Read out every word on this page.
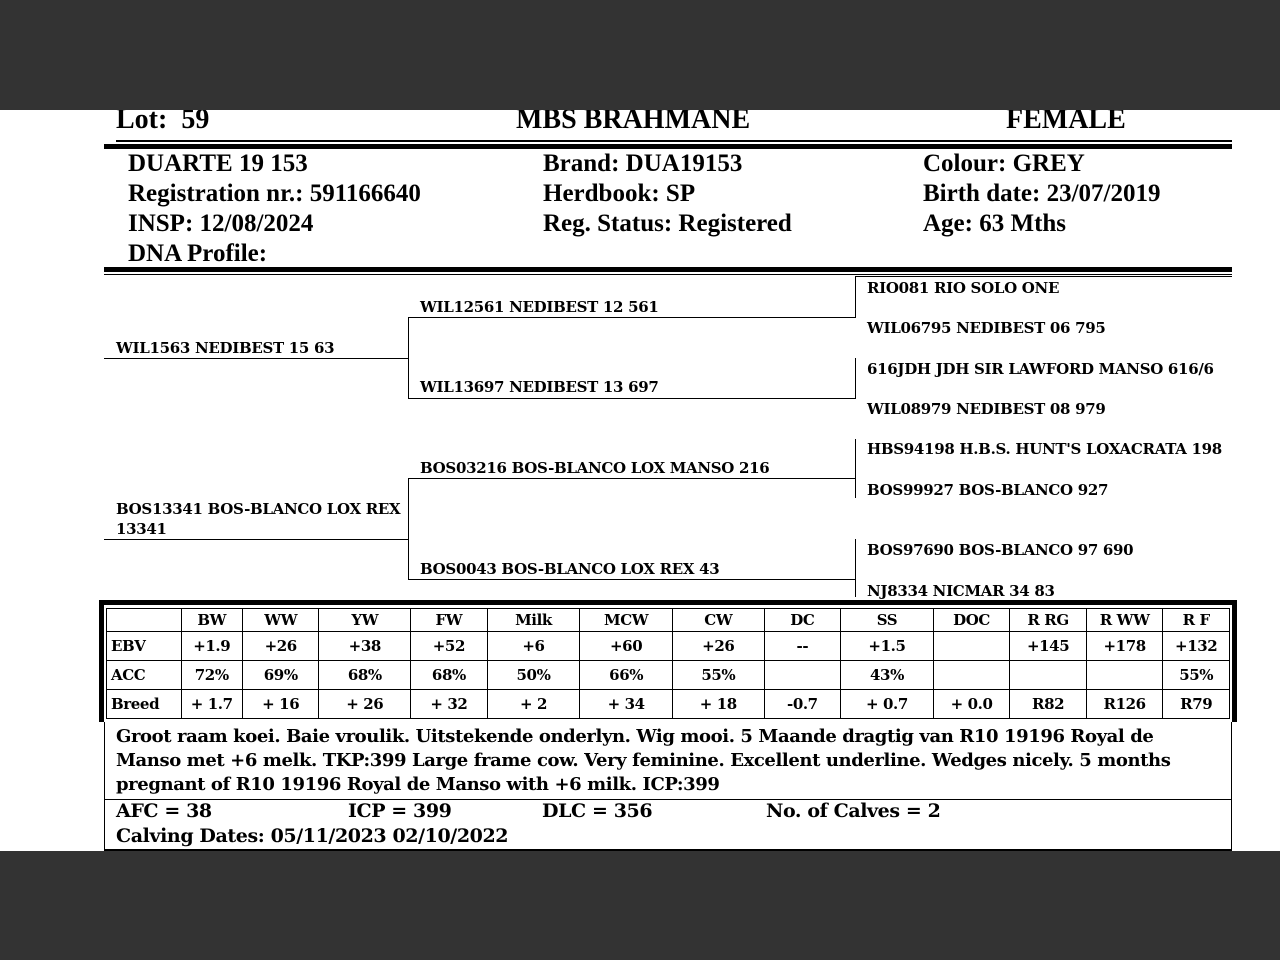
Lot: 59	MBS BRAHMANE	FEMALE
DUARTE 19 153
Registration nr.: 591166640
INSP: 12/08/2024
DNA Profile:
Brand: DUA19153
Herdbook: SP
Reg. Status: Registered
Colour: GREY
Birth date: 23/07/2019
Age: 63 Mths
WIL1563 NEDIBEST 15 63
BOS13341 BOS-BLANCO LOX REX 13341
WIL12561 NEDIBEST 12 561
WIL13697 NEDIBEST 13 697
BOS03216 BOS-BLANCO LOX MANSO 216
BOS0043 BOS-BLANCO LOX REX 43
RIO081 RIO SOLO ONE
WIL06795 NEDIBEST 06 795
616JDH JDH SIR LAWFORD MANSO 616/6
WIL08979 NEDIBEST 08 979
HBS94198 H.B.S. HUNT'S LOXACRATA 198
BOS99927 BOS-BLANCO 927
BOS97690 BOS-BLANCO 97 690
NJ8334 NICMAR 34 83
	BW	WW	YW	FW	Milk	MCW	CW	DC	SS	DOC	R RG	R WW	R F
EBV	+1.9	+26	+38	+52	+6	+60	+26	--	+1.5		+145	+178	+132
ACC	72%	69%	68%	68%	50%	66%	55%		43%				55%
Breed	+ 1.7	+ 16	+ 26	+ 32	+ 2	+ 34	+ 18	-0.7	+ 0.7	+ 0.0	R82	R126	R79
Groot raam koei. Baie vroulik. Uitstekende onderlyn. Wig mooi. 5 Maande dragtig van R10 19196 Royal de Manso met +6 melk. TKP:399 Large frame cow. Very feminine. Excellent underline. Wedges nicely. 5 months pregnant of R10 19196 Royal de Manso with +6 milk. ICP:399
AFC = 38	ICP = 399	DLC = 356	No. of Calves = 2
Calving Dates: 05/11/2023 02/10/2022
